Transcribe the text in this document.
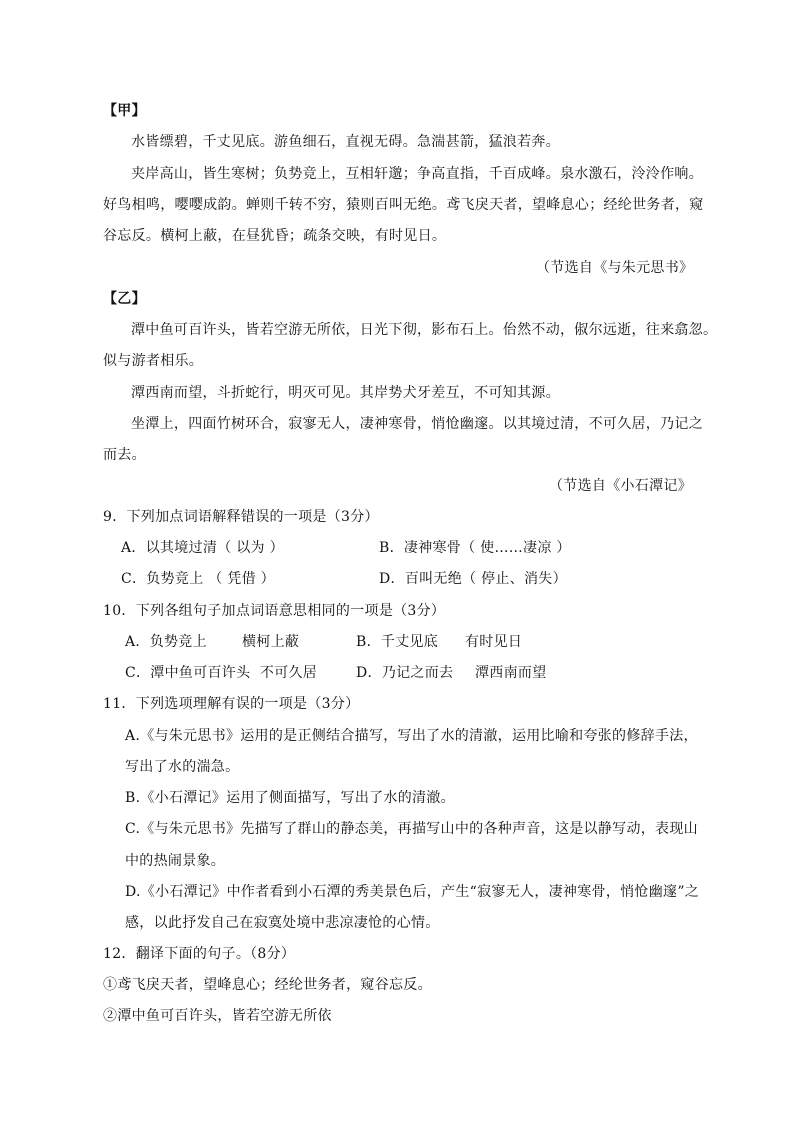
【甲】
水皆缥碧，千丈见底。游鱼细石，直视无碍。急湍甚箭，猛浪若奔。
夹岸高山，皆生寒树；负势竞上，互相轩邈；争高直指，千百成峰。泉水激石，泠泠作响。
好鸟相鸣，嘤嘤成韵。蝉则千转不穷，猿则百叫无绝。鸢飞戾天者，望峰息心；经纶世务者，窥
谷忘反。横柯上蔽，在昼犹昏；疏条交映，有时见日。
（节选自《与朱元思书》
【乙】
潭中鱼可百许头，皆若空游无所依，日光下彻，影布石上。佁然不动，俶尔远逝，往来翕忽。
似与游者相乐。
潭西南而望，斗折蛇行，明灭可见。其岸势犬牙差互，不可知其源。
坐潭上，四面竹树环合，寂寥无人，凄神寒骨，悄怆幽邃。以其境过清，不可久居，乃记之
而去。
（节选自《小石潭记》
9．下列加点词语解释错误的一项是（3分）
A．以其境过清（ 以为 ）	B．凄神寒骨（ 使……凄凉 ）
C．负势竞上 （ 凭借 ）	D．百叫无绝（ 停止、消失）
10．下列各组句子加点词语意思相同的一项是（3分）
A．负势竞上	横柯上蔽	B．千丈见底 有时见日
C．潭中鱼可百许头  不可久居	D．乃记之而去 潭西南而望
11．下列选项理解有误的一项是（3分）
A.《与朱元思书》运用的是正侧结合描写，写出了水的清澈，运用比喻和夸张的修辞手法，
写出了水的湍急。
B.《小石潭记》运用了侧面描写，写出了水的清澈。
C.《与朱元思书》先描写了群山的静态美，再描写山中的各种声音，这是以静写动，表现山
中的热闹景象。
D.《小石潭记》中作者看到小石潭的秀美景色后，产生“寂寥无人，凄神寒骨，悄怆幽邃”之
感，以此抒发自己在寂寞处境中悲凉凄怆的心情。
12．翻译下面的句子。（8分）
①鸢飞戾天者，望峰息心；经纶世务者，窥谷忘反。
②潭中鱼可百许头，皆若空游无所依
